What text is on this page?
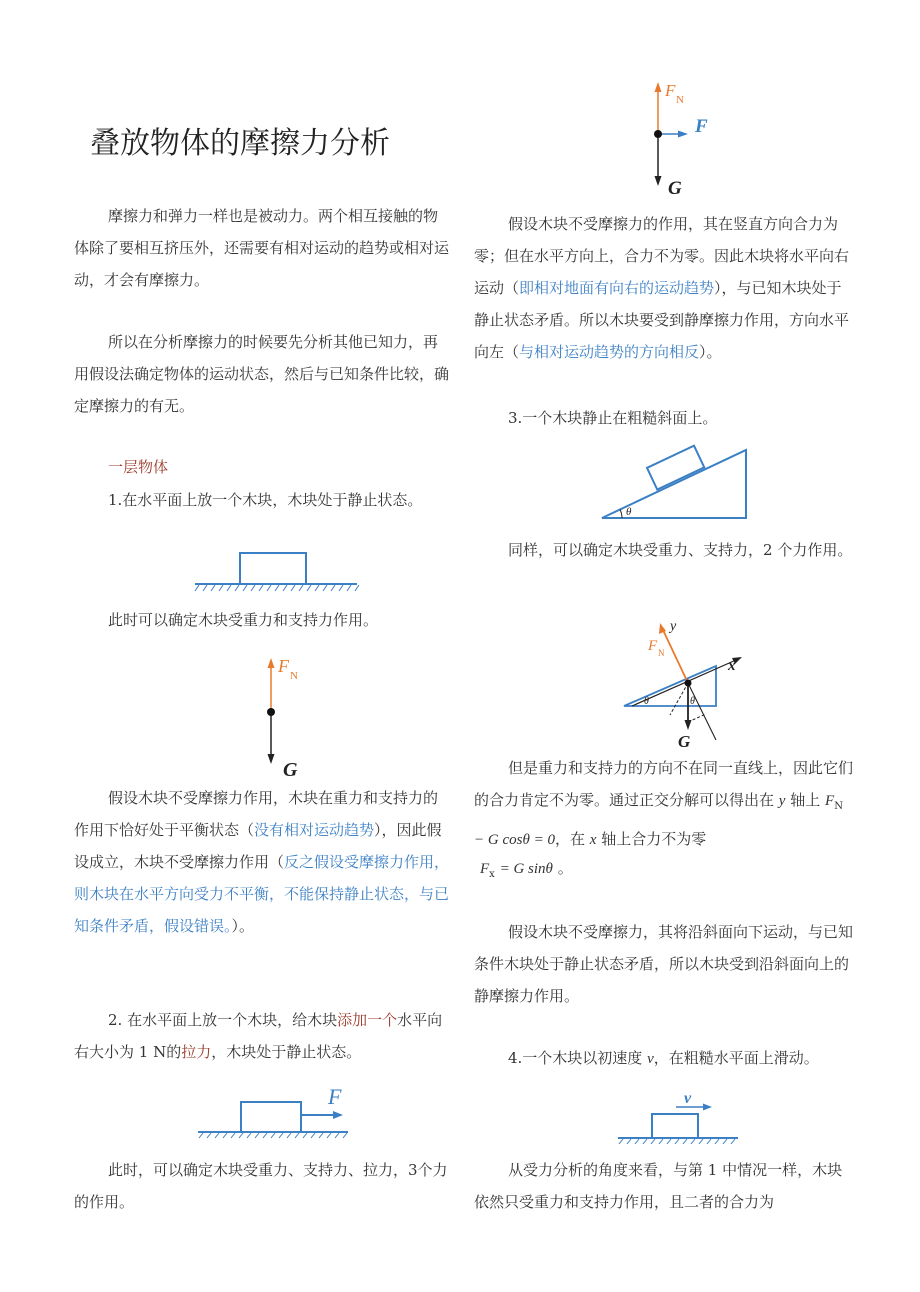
叠放物体的摩擦力分析

摩擦力和弹力一样也是被动力。两个相互接触的物体除了要相互挤压外，还需要有相对运动的趋势或相对运动，才会有摩擦力。

所以在分析摩擦力的时候要先分析其他已知力，再用假设法确定物体的运动状态，然后与已知条件比较，确定摩擦力的有无。

一层物体

1.在水平面上放一个木块，木块处于静止状态。

此时可以确定木块受重力和支持力作用。

F N
G

假设木块不受摩擦力作用，木块在重力和支持力的作用下恰好处于平衡状态（没有相对运动趋势），因此假设成立，木块不受摩擦力作用（反之假设受摩擦力作用，则木块在水平方向受力不平衡，不能保持静止状态，与已知条件矛盾，假设错误。）。

2. 在水平面上放一个木块，给木块添加一个水平向右大小为 1 N的拉力，木块处于静止状态。

F

此时，可以确定木块受重力、支持力、拉力，3个力的作用。

F N
F
G

假设木块不受摩擦力的作用，其在竖直方向合力为零；但在水平方向上，合力不为零。因此木块将水平向右运动（即相对地面有向右的运动趋势），与已知木块处于静止状态矛盾。所以木块要受到静摩擦力作用，方向水平向左（与相对运动趋势的方向相反）。

3.一个木块静止在粗糙斜面上。

θ

同样，可以确定木块受重力、支持力，2 个力作用。

y
x
F N
G
θ	θ

但是重力和支持力的方向不在同一直线上，因此它们的合力肯定不为零。通过正交分解可以得出在 y 轴上 $F_N - G$ cosθ = 0，在 x 轴上合力不为零

$F_x = G$ sinθ 。

假设木块不受摩擦力，其将沿斜面向下运动，与已知条件木块处于静止状态矛盾，所以木块受到沿斜面向上的静摩擦力作用。

4.一个木块以初速度 v，在粗糙水平面上滑动。

v

从受力分析的角度来看，与第 1 中情况一样，木块依然只受重力和支持力作用，且二者的合力为
